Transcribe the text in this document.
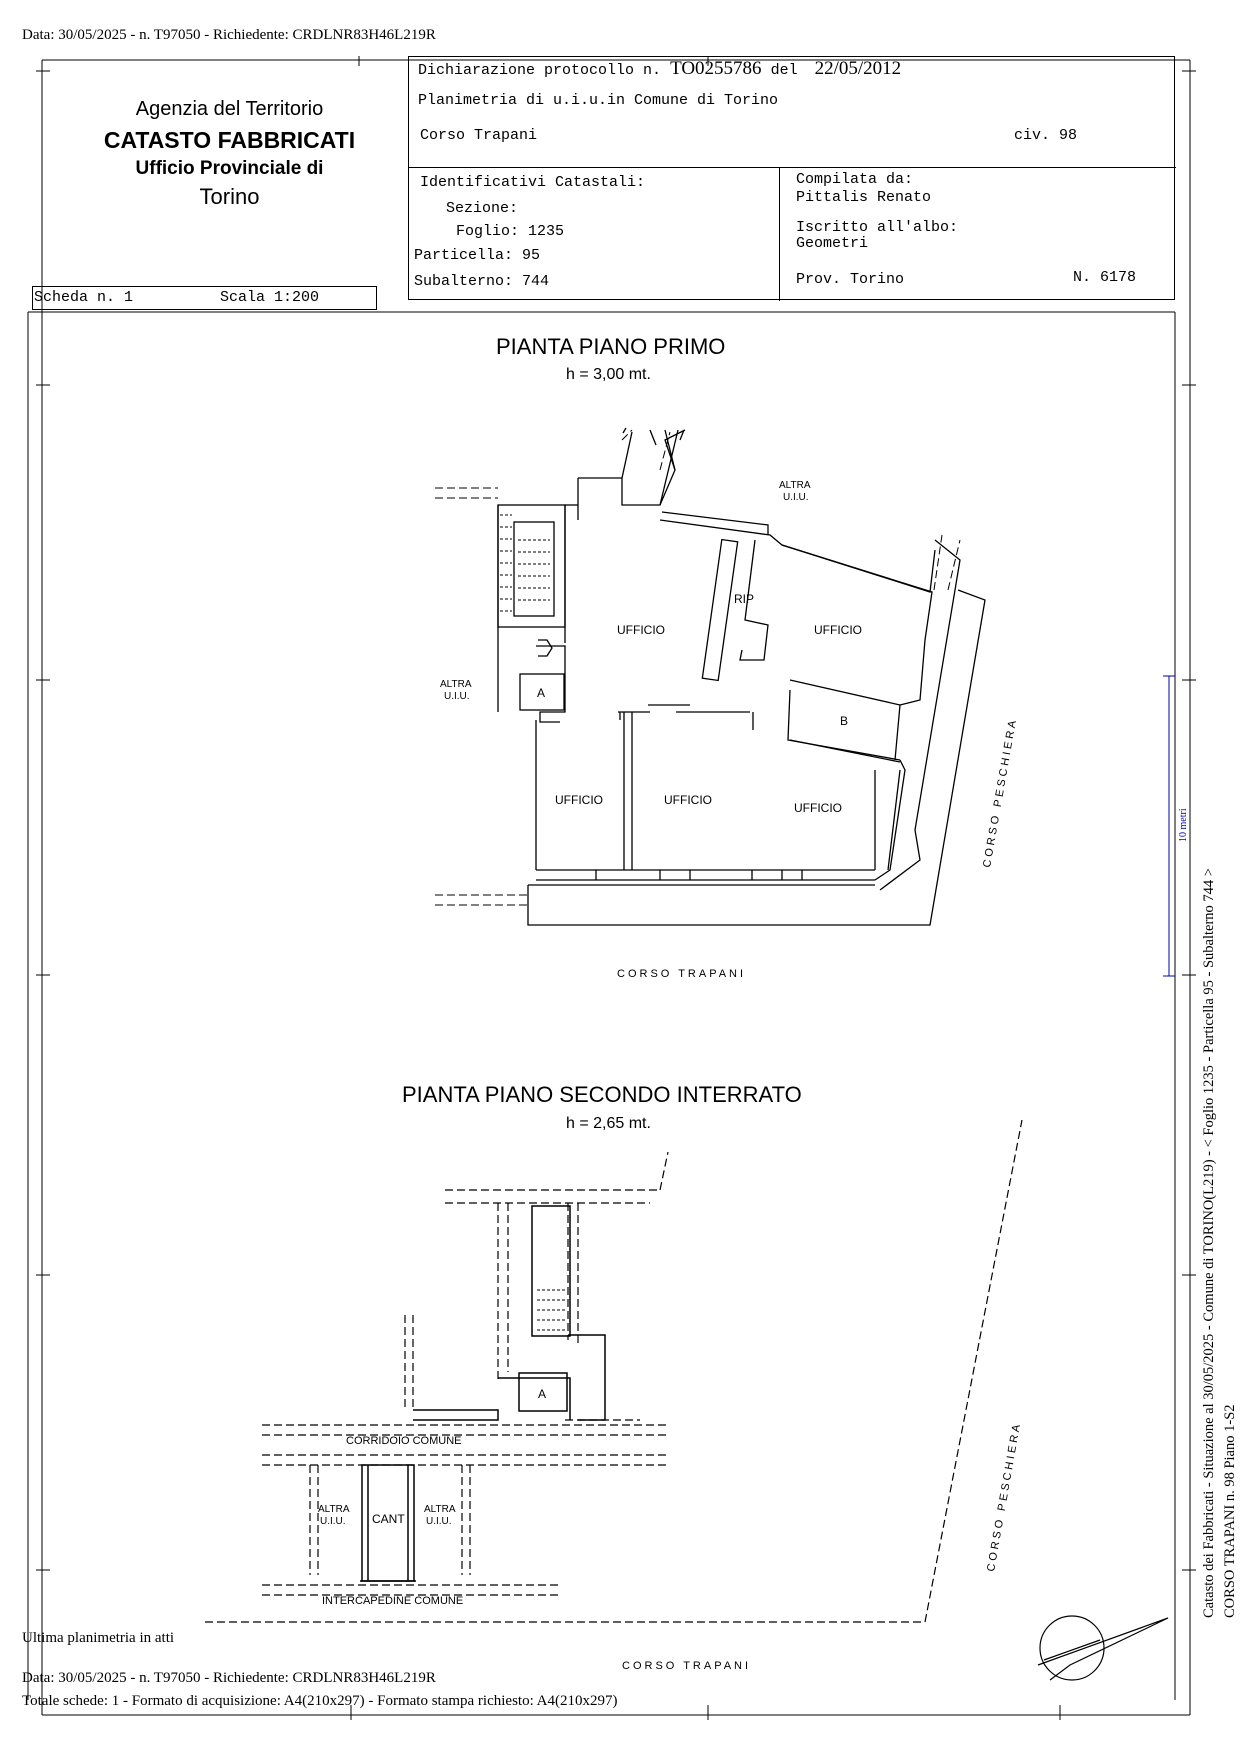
Data: 30/05/2025 - n. T97050 - Richiedente: CRDLNR83H46L219R
Agenzia del Territorio
CATASTO FABBRICATI
Ufficio Provinciale di
Torino
Dichiarazione protocollo n. TO0255786 del 22/05/2012
Planimetria di u.i.u.in Comune di Torino
Corso Trapani	civ. 98
Identificativi Catastali:
Sezione:
Foglio: 1235
Particella: 95
Subalterno: 744
Compilata da:
Pittalis Renato
Iscritto all'albo:
Geometri
Prov. Torino	N. 6178
Scheda n. 1	Scala 1:200
PIANTA PIANO PRIMO
h = 3,00 mt.
UFFICIO	UFFICIO
UFFICIO	UFFICIO
UFFICIO
RIP
A
B
ALTRA
U.I.U.
ALTRA
U.I.U.
CORSO TRAPANI
CORSO PESCHIERA
PIANTA PIANO SECONDO INTERRATO
h = 2,65 mt.
CORRIDOIO COMUNE
INTERCAPEDINE COMUNE
CANT
A
ALTRA
U.I.U.
ALTRA
U.I.U.
CORSO TRAPANI
CORSO PESCHIERA	Catasto dei Fabbricati - Situazione al 30/05/2025 - Comune di TORINO(L219) - < Foglio 1235 - Particella 95 - Subalterno 744 > CORSO TRAPANI n. 98 Piano 1-S2
10 metri
Ultima planimetria in atti
Data: 30/05/2025 - n. T97050 - Richiedente: CRDLNR83H46L219R
Totale schede: 1 - Formato di acquisizione: A4(210x297) - Formato stampa richiesto: A4(210x297)
